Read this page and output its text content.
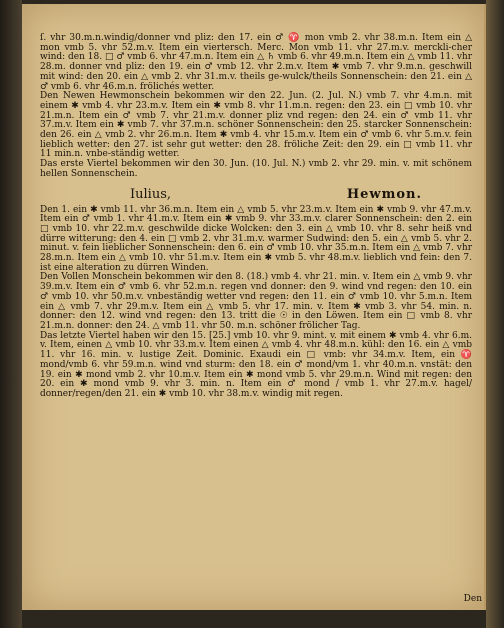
ſ. vhr 30.m.n.windig/donner vnd pliz: den 17. ein ♂ ♈ mon vmb 2. vhr 38.m.n. Item ein △ mon vmb 5. vhr 52.m.v. Item ein viertersch. Merc. Mon vmb 11. vhr 27.m.v. merckli-cher wind: den 18. □ ♂ vmb 6. vhr 47.m.n. Item ein △ ♄ vmb 6. vhr 49.m.n. Item ein △ vmb 11. vhr 28.m. donner vnd pliz: den 19. ein ♂ vmb 12. vhr 2.m.v. Item ✱ vmb 7. vhr 9.m.n. geschwill mit wind: den 20. ein △ vmb 2. vhr 31.m.v. theils ge-wulck/theils Sonnenschein: den 21. ein △ ♂ vmb 6. vhr 46.m.n. frölichés wetter.

Den Newen Hewmonschein bekommen wir den 22. Jun. (2. Jul. N.) vmb 7. vhr 4.m.n. mit einem ✱ vmb 4. vhr 23.m.v. Item ein ✱ vmb 8. vhr 11.m.n. regen: den 23. ein □ vmb 10. vhr 21.m.n. Item ein ♂ vmb 7. vhr 21.m.v. donner pliz vnd regen: den 24. ein ♂ vmb 11. vhr 37.m.v. Item ein ✱ vmb 7. vhr 37.m.n. schöner Sonnenschein: den 25. starcker Sonnenschein: den 26. ein △ vmb 2. vhr 26.m.n. Item ✱ vmb 4. vhr 15.m.v. Item ein ♂ vmb 6. vhr 5.m.v. fein lieblich wetter: den 27. ist sehr gut wetter: den 28. fröliche Zeit: den 29. ein □ vmb 11. vhr 11 min.n. vnbe-ständig wetter.

Das erste Viertel bekommen wir den 30. Jun. (10. Jul. N.) vmb 2. vhr 29. min. v. mit schönem hellen Sonnenschein.

Iulius,	Hewmon.

Den 1. ein ✱ vmb 11. vhr 36.m.n. Item ein △ vmb 5. vhr 23.m.v. Item ein ✱ vmb 9. vhr 47.m.v. Item ein ♂ vmb 1. vhr 41.m.v. Item ein ✱ vmb 9. vhr 33.m.v. clarer Sonnenschein: den 2. ein □ vmb 10. vhr 22.m.v. geschwilde dicke Wolcken: den 3. ein △ vmb 10. vhr 8. sehr heiß vnd dürre witterung: den 4. ein □ vmb 2. vhr 31.m.v. warmer Sudwind: den 5. ein △ vmb 5. vhr 2. minut. v. fein lieblicher Sonnenschein: den 6. ein ♂ vmb 10. vhr 35.m.n. Item ein △ vmb 7. vhr 28.m.n. Item ein △ vmb 10. vhr 51.m.v. Item ein ✱ vmb 5. vhr 48.m.v. lieblich vnd fein: den 7. ist eine alteration zu dürren Winden.

Den Vollen Monschein bekommen wir den 8. (18.) vmb 4. vhr 21. min. v. Item ein △ vmb 9. vhr 39.m.v. Item ein ♂ vmb 6. vhr 52.m.n. regen vnd donner: den 9. wind vnd regen: den 10. ein ♂ vmb 10. vhr 50.m.v. vnbeständig wetter vnd regen: den 11. ein ♂ vmb 10. vhr 5.m.n. Item ein △ vmb 7. vhr 29.m.v. Item ein △ vmb 5. vhr 17. min. v. Item ✱ vmb 3. vhr 54. min. n. donner: den 12. wind vnd regen: den 13. tritt die ☉ in den Löwen. Item ein □ vmb 8. vhr 21.m.n. donner: den 24. △ vmb 11. vhr 50. m.n. schöner frölicher Tag.

Das letzte Viertel haben wir den 15. [25.] vmb 10. vhr 9. mint. v. mit einem ✱ vmb 4. vhr 6.m. v. Item, einen △ vmb 10. vhr 33.m.v. Item einen △ vmb 4. vhr 48.m.n. kühl: den 16. ein △ vmb 11. vhr 16. min. v. lustige Zeit. Dominic. Exaudi ein □ vmb: vhr 34.m.v. Item, ein ♈ mond/vmb 6. vhr 59.m.n. wind vnd sturm: den 18. ein ♂ mond/vm 1. vhr 40.m.n. vnstät: den 19. ein ✱ mond vmb 2. vhr 10.m.v. Item ein ✱ mond vmb 5. vhr 29.m.n. Wind mit regen: den 20. ein ✱ mond vmb 9. vhr 3. min. n. Item ein ♂ mond / vmb 1. vhr 27.m.v. hagel/ donner/regen/den 21. ein ✱ vmb 10. vhr 38.m.v. windig mit regen.

Den
